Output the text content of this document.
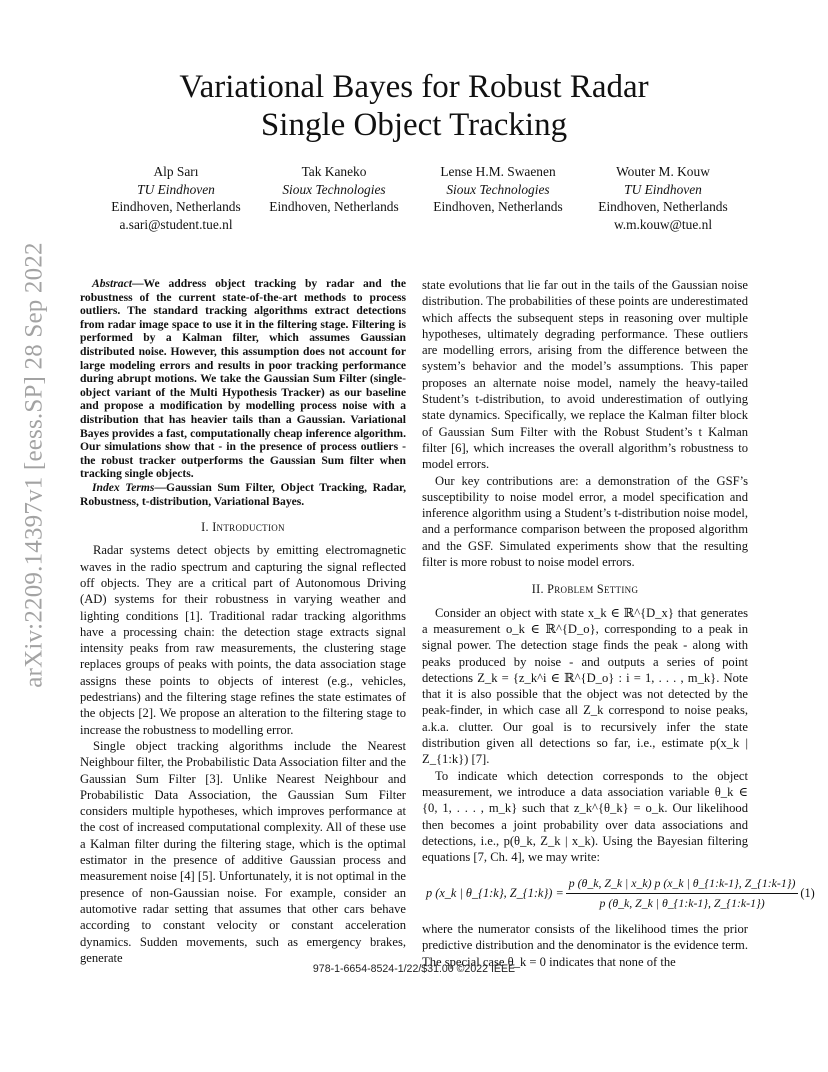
arXiv:2209.14397v1 [eess.SP] 28 Sep 2022
Variational Bayes for Robust Radar
Single Object Tracking
Alp Sarı
TU Eindhoven
Eindhoven, Netherlands
a.sari@student.tue.nl
Tak Kaneko
Sioux Technologies
Eindhoven, Netherlands
Lense H.M. Swaenen
Sioux Technologies
Eindhoven, Netherlands
Wouter M. Kouw
TU Eindhoven
Eindhoven, Netherlands
w.m.kouw@tue.nl

Abstract—We address object tracking by radar and the robustness of the current state-of-the-art methods to process outliers. The standard tracking algorithms extract detections from radar image space to use it in the filtering stage. Filtering is performed by a Kalman filter, which assumes Gaussian distributed noise. However, this assumption does not account for large modeling errors and results in poor tracking performance during abrupt motions. We take the Gaussian Sum Filter (single-object variant of the Multi Hypothesis Tracker) as our baseline and propose a modification by modelling process noise with a distribution that has heavier tails than a Gaussian. Variational Bayes provides a fast, computationally cheap inference algorithm. Our simulations show that - in the presence of process outliers - the robust tracker outperforms the Gaussian Sum filter when tracking single objects.

Index Terms—Gaussian Sum Filter, Object Tracking, Radar, Robustness, t-distribution, Variational Bayes.

I. Introduction

Radar systems detect objects by emitting electromagnetic waves in the radio spectrum and capturing the signal reflected off objects. They are a critical part of Autonomous Driving (AD) systems for their robustness in varying weather and lighting conditions [1]. Traditional radar tracking algorithms have a processing chain: the detection stage extracts signal intensity peaks from raw measurements, the clustering stage replaces groups of peaks with points, the data association stage assigns these points to objects of interest (e.g., vehicles, pedestrians) and the filtering stage refines the state estimates of the objects [2]. We propose an alteration to the filtering stage to increase the robustness to modelling error.

Single object tracking algorithms include the Nearest Neighbour filter, the Probabilistic Data Association filter and the Gaussian Sum Filter [3]. Unlike Nearest Neighbour and Probabilistic Data Association, the Gaussian Sum Filter considers multiple hypotheses, which improves performance at the cost of increased computational complexity. All of these use a Kalman filter during the filtering stage, which is the optimal estimator in the presence of additive Gaussian process and measurement noise [4] [5]. Unfortunately, it is not optimal in the presence of non-Gaussian noise. For example, consider an automotive radar setting that assumes that other cars behave according to constant velocity or constant acceleration dynamics. Sudden movements, such as emergency brakes, generate

state evolutions that lie far out in the tails of the Gaussian noise distribution. The probabilities of these points are underestimated which affects the subsequent steps in reasoning over multiple hypotheses, ultimately degrading performance. These outliers are modelling errors, arising from the difference between the system’s behavior and the model’s assumptions. This paper proposes an alternate noise model, namely the heavy-tailed Student’s t-distribution, to avoid underestimation of outlying state dynamics. Specifically, we replace the Kalman filter block of Gaussian Sum Filter with the Robust Student’s t Kalman filter [6], which increases the overall algorithm’s robustness to model errors.

Our key contributions are: a demonstration of the GSF’s susceptibility to noise model error, a model specification and inference algorithm using a Student’s t-distribution noise model, and a performance comparison between the proposed algorithm and the GSF. Simulated experiments show that the resulting filter is more robust to noise model errors.

II. Problem Setting

Consider an object with state x_k ∈ ℝ^{D_x} that generates a measurement o_k ∈ ℝ^{D_o}, corresponding to a peak in signal power. The detection stage finds the peak - along with peaks produced by noise - and outputs a series of point detections Z_k = {z_k^i ∈ ℝ^{D_o} : i = 1, . . . , m_k}. Note that it is also possible that the object was not detected by the peak-finder, in which case all Z_k correspond to noise peaks, a.k.a. clutter. Our goal is to recursively infer the state distribution given all detections so far, i.e., estimate p(x_k | Z_{1:k}) [7].

To indicate which detection corresponds to the object measurement, we introduce a data association variable θ_k ∈ {0, 1, . . . , m_k} such that z_k^{θ_k} = o_k. Our likelihood then becomes a joint probability over data associations and detections, i.e., p(θ_k, Z_k | x_k). Using the Bayesian filtering equations [7, Ch. 4], we may write:

p (x_k | θ_{1:k}, Z_{1:k}) = $\frac{p (\theta\_k, Z\_k | x\_k) p (x\_k | \theta\_\{1:k-1\}, Z\_\{1:k-1\})}{p (\theta\_k, Z\_k | \theta\_\{1:k-1\}, Z\_\{1:k-1\})} (1)$

where the numerator consists of the likelihood times the prior predictive distribution and the denominator is the evidence term. The special case θ_k = 0 indicates that none of the

978-1-6654-8524-1/22/$31.00 ©2022 IEEE
